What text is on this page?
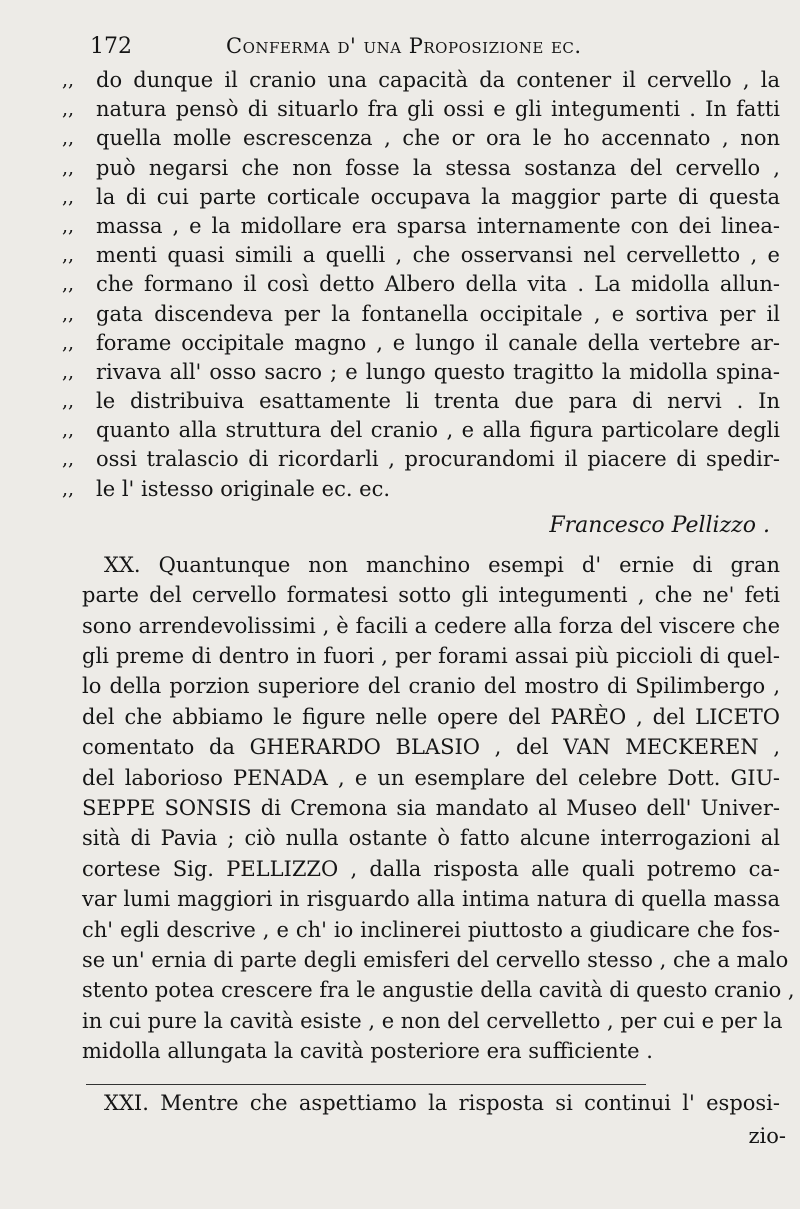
172	Conferma d' una Proposizione ec.
,, do dunque il cranio una capacità da contener il cervello , la
,, natura pensò di situarlo fra gli ossi e gli integumenti . In fatti
,, quella molle escrescenza , che or ora le ho accennato , non
,, può negarsi che non fosse la stessa sostanza del cervello ,
,, la di cui parte corticale occupava la maggior parte di questa
,, massa , e la midollare era sparsa internamente con dei linea-
,, menti quasi simili a quelli , che osservansi nel cervelletto , e
,, che formano il così detto Albero della vita . La midolla allun-
,, gata discendeva per la fontanella occipitale , e sortiva per il
,, forame occipitale magno , e lungo il canale della vertebre ar-
,, rivava all' osso sacro ; e lungo questo tragitto la midolla spina-
,, le distribuiva esattamente li trenta due para di nervi . In
,, quanto alla struttura del cranio , e alla figura particolare degli
,, ossi tralascio di ricordarli , procurandomi il piacere di spedir-
,, le l' istesso originale ec. ec.
Francesco Pellizzo .
XX. Quantunque non manchino esempi d' ernie di gran
parte del cervello formatesi sotto gli integumenti , che ne' feti
sono arrendevolissimi , è facili a cedere alla forza del viscere che
gli preme di dentro in fuori , per forami assai più piccioli di quel-
lo della porzion superiore del cranio del mostro di Spilimbergo ,
del che abbiamo le figure nelle opere del PARÈO , del LICETO
comentato da GHERARDO BLASIO , del VAN MECKEREN ,
del laborioso PENADA , e un esemplare del celebre Dott. GIU-
SEPPE SONSIS di Cremona sia mandato al Museo dell' Univer-
sità di Pavia ; ciò nulla ostante ò fatto alcune interrogazioni al
cortese Sig. PELLIZZO , dalla risposta alle quali potremo ca-
var lumi maggiori in risguardo alla intima natura di quella massa
ch' egli descrive , e ch' io inclinerei piuttosto a giudicare che fos-
se un' ernia di parte degli emisferi del cervello stesso , che a malo
stento potea crescere fra le angustie della cavità di questo cranio ,
in cui pure la cavità esiste , e non del cervelletto , per cui e per la
midolla allungata la cavità posteriore era sufficiente .
XXI. Mentre che aspettiamo la risposta si continui l' esposi-
zio-
